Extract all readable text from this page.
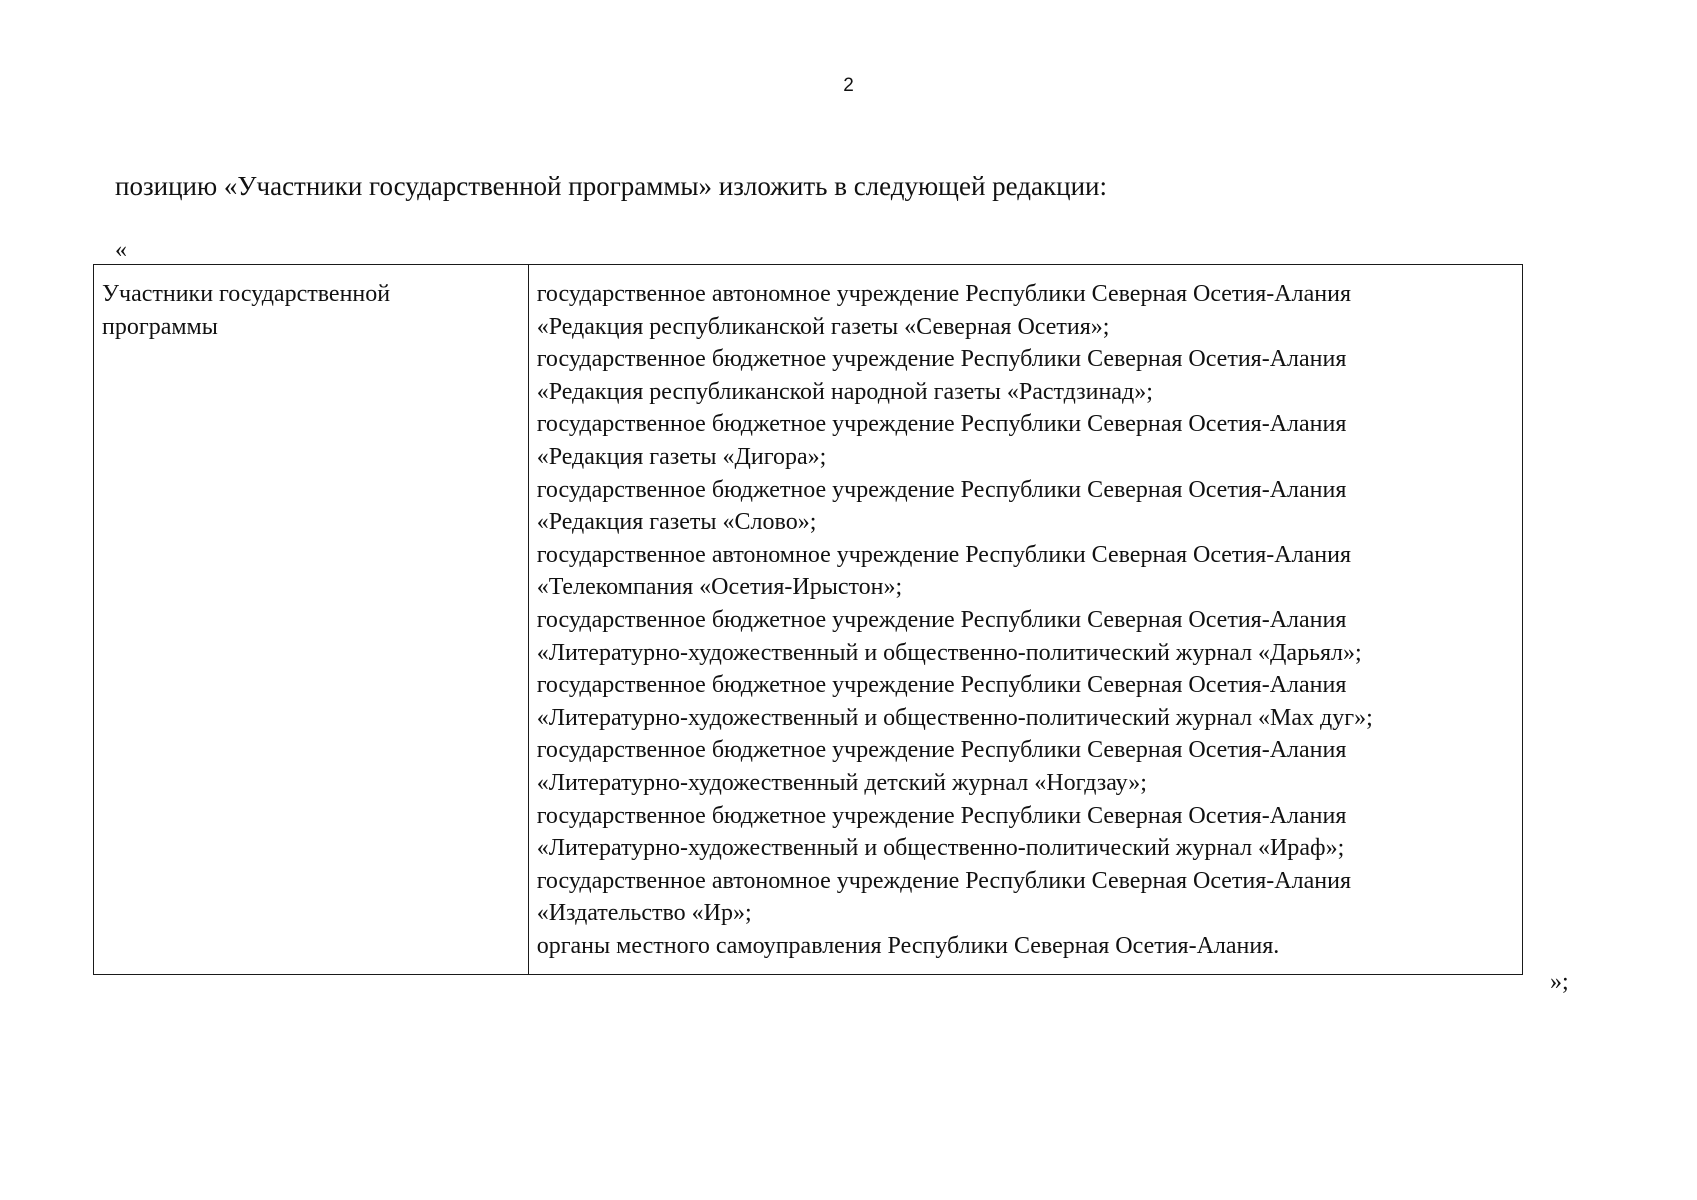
2
позицию «Участники государственной программы» изложить в следующей редакции:
«
Участники государственной
программы

государственное автономное учреждение Республики Северная Осетия-Алания
«Редакция республиканской газеты «Северная Осетия»;
государственное бюджетное учреждение Республики Северная Осетия-Алания
«Редакция республиканской народной газеты «Растдзинад»;
государственное бюджетное учреждение Республики Северная Осетия-Алания
«Редакция газеты «Дигора»;
государственное бюджетное учреждение Республики Северная Осетия-Алания
«Редакция газеты «Слово»;
государственное автономное учреждение Республики Северная Осетия-Алания
«Телекомпания «Осетия-Ирыстон»;
государственное бюджетное учреждение Республики Северная Осетия-Алания
«Литературно-художественный и общественно-политический журнал «Дарьял»;
государственное бюджетное учреждение Республики Северная Осетия-Алания
«Литературно-художественный и общественно-политический журнал «Мах дуг»;
государственное бюджетное учреждение Республики Северная Осетия-Алания
«Литературно-художественный детский журнал «Ногдзау»;
государственное бюджетное учреждение Республики Северная Осетия-Алания
«Литературно-художественный и общественно-политический журнал «Ираф»;
государственное автономное учреждение Республики Северная Осетия-Алания
«Издательство «Ир»;
органы местного самоуправления Республики Северная Осетия-Алания.
»;
